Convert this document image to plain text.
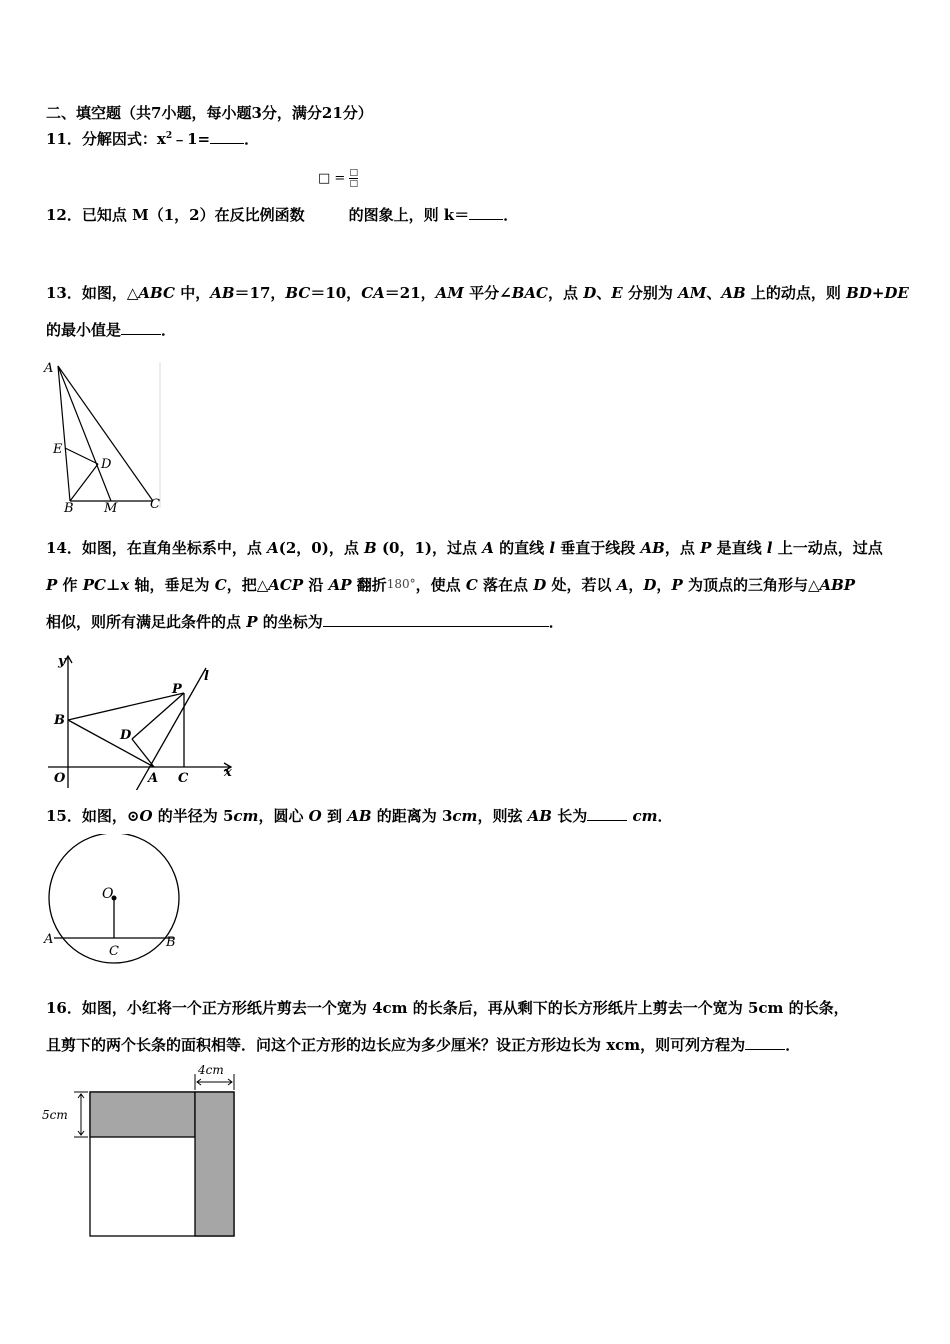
二、填空题（共7小题，每小题3分，满分21分）
11．分解因式：$x^2﹣1=$ ．
□ = □
□
12．已知点 M（1，2）在反比例函数	的图象上，则 k＝ ．
13．如图，△ABC 中，AB＝17，BC＝10，CA＝21，AM 平分∠BAC，点 D、E 分别为 AM、AB 上的动点，则 BD+DE
的最小值是	．
A
E
D
B M	C
14．如图，在直角坐标系中，点 A(2，0)，点 B (0，1)，过点 A 的直线 l 垂直于线段 AB，点 P 是直线 l 上一动点，过点
P 作 PC⊥x 轴，垂足为 C，把△ACP 沿 AP 翻折180°，使点 C 落在点 D 处，若以 A，D，P 为顶点的三角形与△ABP
相似，则所有满足此条件的点 P 的坐标为	．
y
x
O
B
A C
D
P
l
15．如图，⊙O 的半径为 5cm，圆心 O 到 AB 的距离为 3cm，则弦 AB 长为	cm．
O
A	B
C
16．如图，小红将一个正方形纸片剪去一个宽为 4cm 的长条后，再从剩下的长方形纸片上剪去一个宽为 5cm 的长条，
且剪下的两个长条的面积相等．问这个正方形的边长应为多少厘米？设正方形边长为 xcm，则可列方程为	．
4cm
5cm
